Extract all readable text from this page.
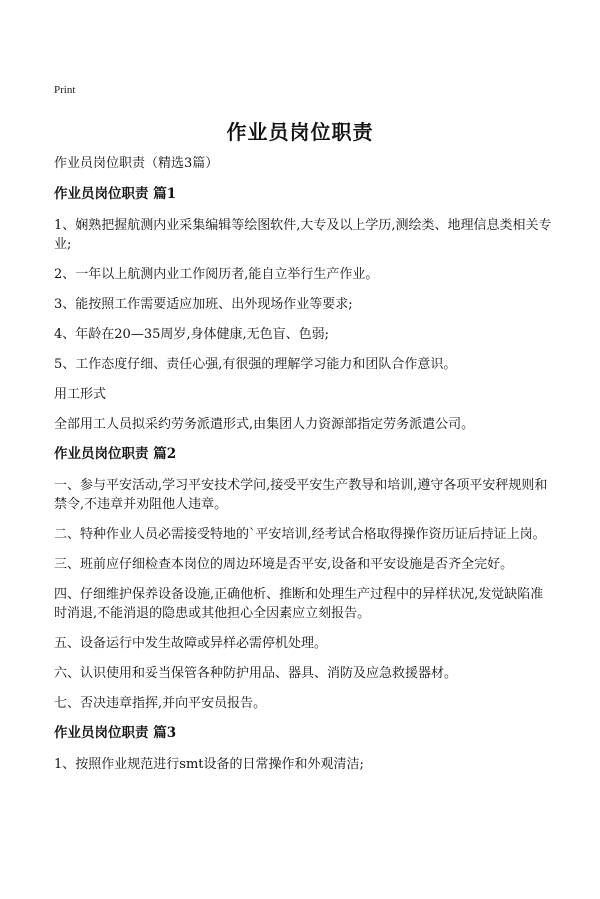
Print
作业员岗位职责
作业员岗位职责（精选3篇）
作业员岗位职责 篇1
1、娴熟把握航测内业采集编辑等绘图软件,大专及以上学历,测绘类、地理信息类相关专业;
2、一年以上航测内业工作阅历者,能自立举行生产作业。
3、能按照工作需要适应加班、出外现场作业等要求;
4、年龄在20—35周岁,身体健康,无色盲、色弱;
5、工作态度仔细、责任心强,有很强的理解学习能力和团队合作意识。
用工形式
全部用工人员拟采约劳务派遣形式,由集团人力资源部指定劳务派遣公司。
作业员岗位职责 篇2
一、参与平安活动,学习平安技术学问,接受平安生产教导和培训,遵守各项平安秤规则和禁令,不违章并劝阻他人违章。
二、特种作业人员必需接受特地的`平安培训,经考试合格取得操作资历证后持证上岗。
三、班前应仔细检查本岗位的周边环境是否平安,设备和平安设施是否齐全完好。
四、仔细维护保养设备设施,正确他析、推断和处理生产过程中的异样状况,发觉缺陷准时消退,不能消退的隐患或其他担心全因素应立刻报告。
五、设备运行中发生故障或异样必需停机处理。
六、认识使用和妥当保管各种防护用品、器具、消防及应急救援器材。
七、否决违章指挥,并向平安员报告。
作业员岗位职责 篇3
1、按照作业规范进行smt设备的日常操作和外观清洁;
